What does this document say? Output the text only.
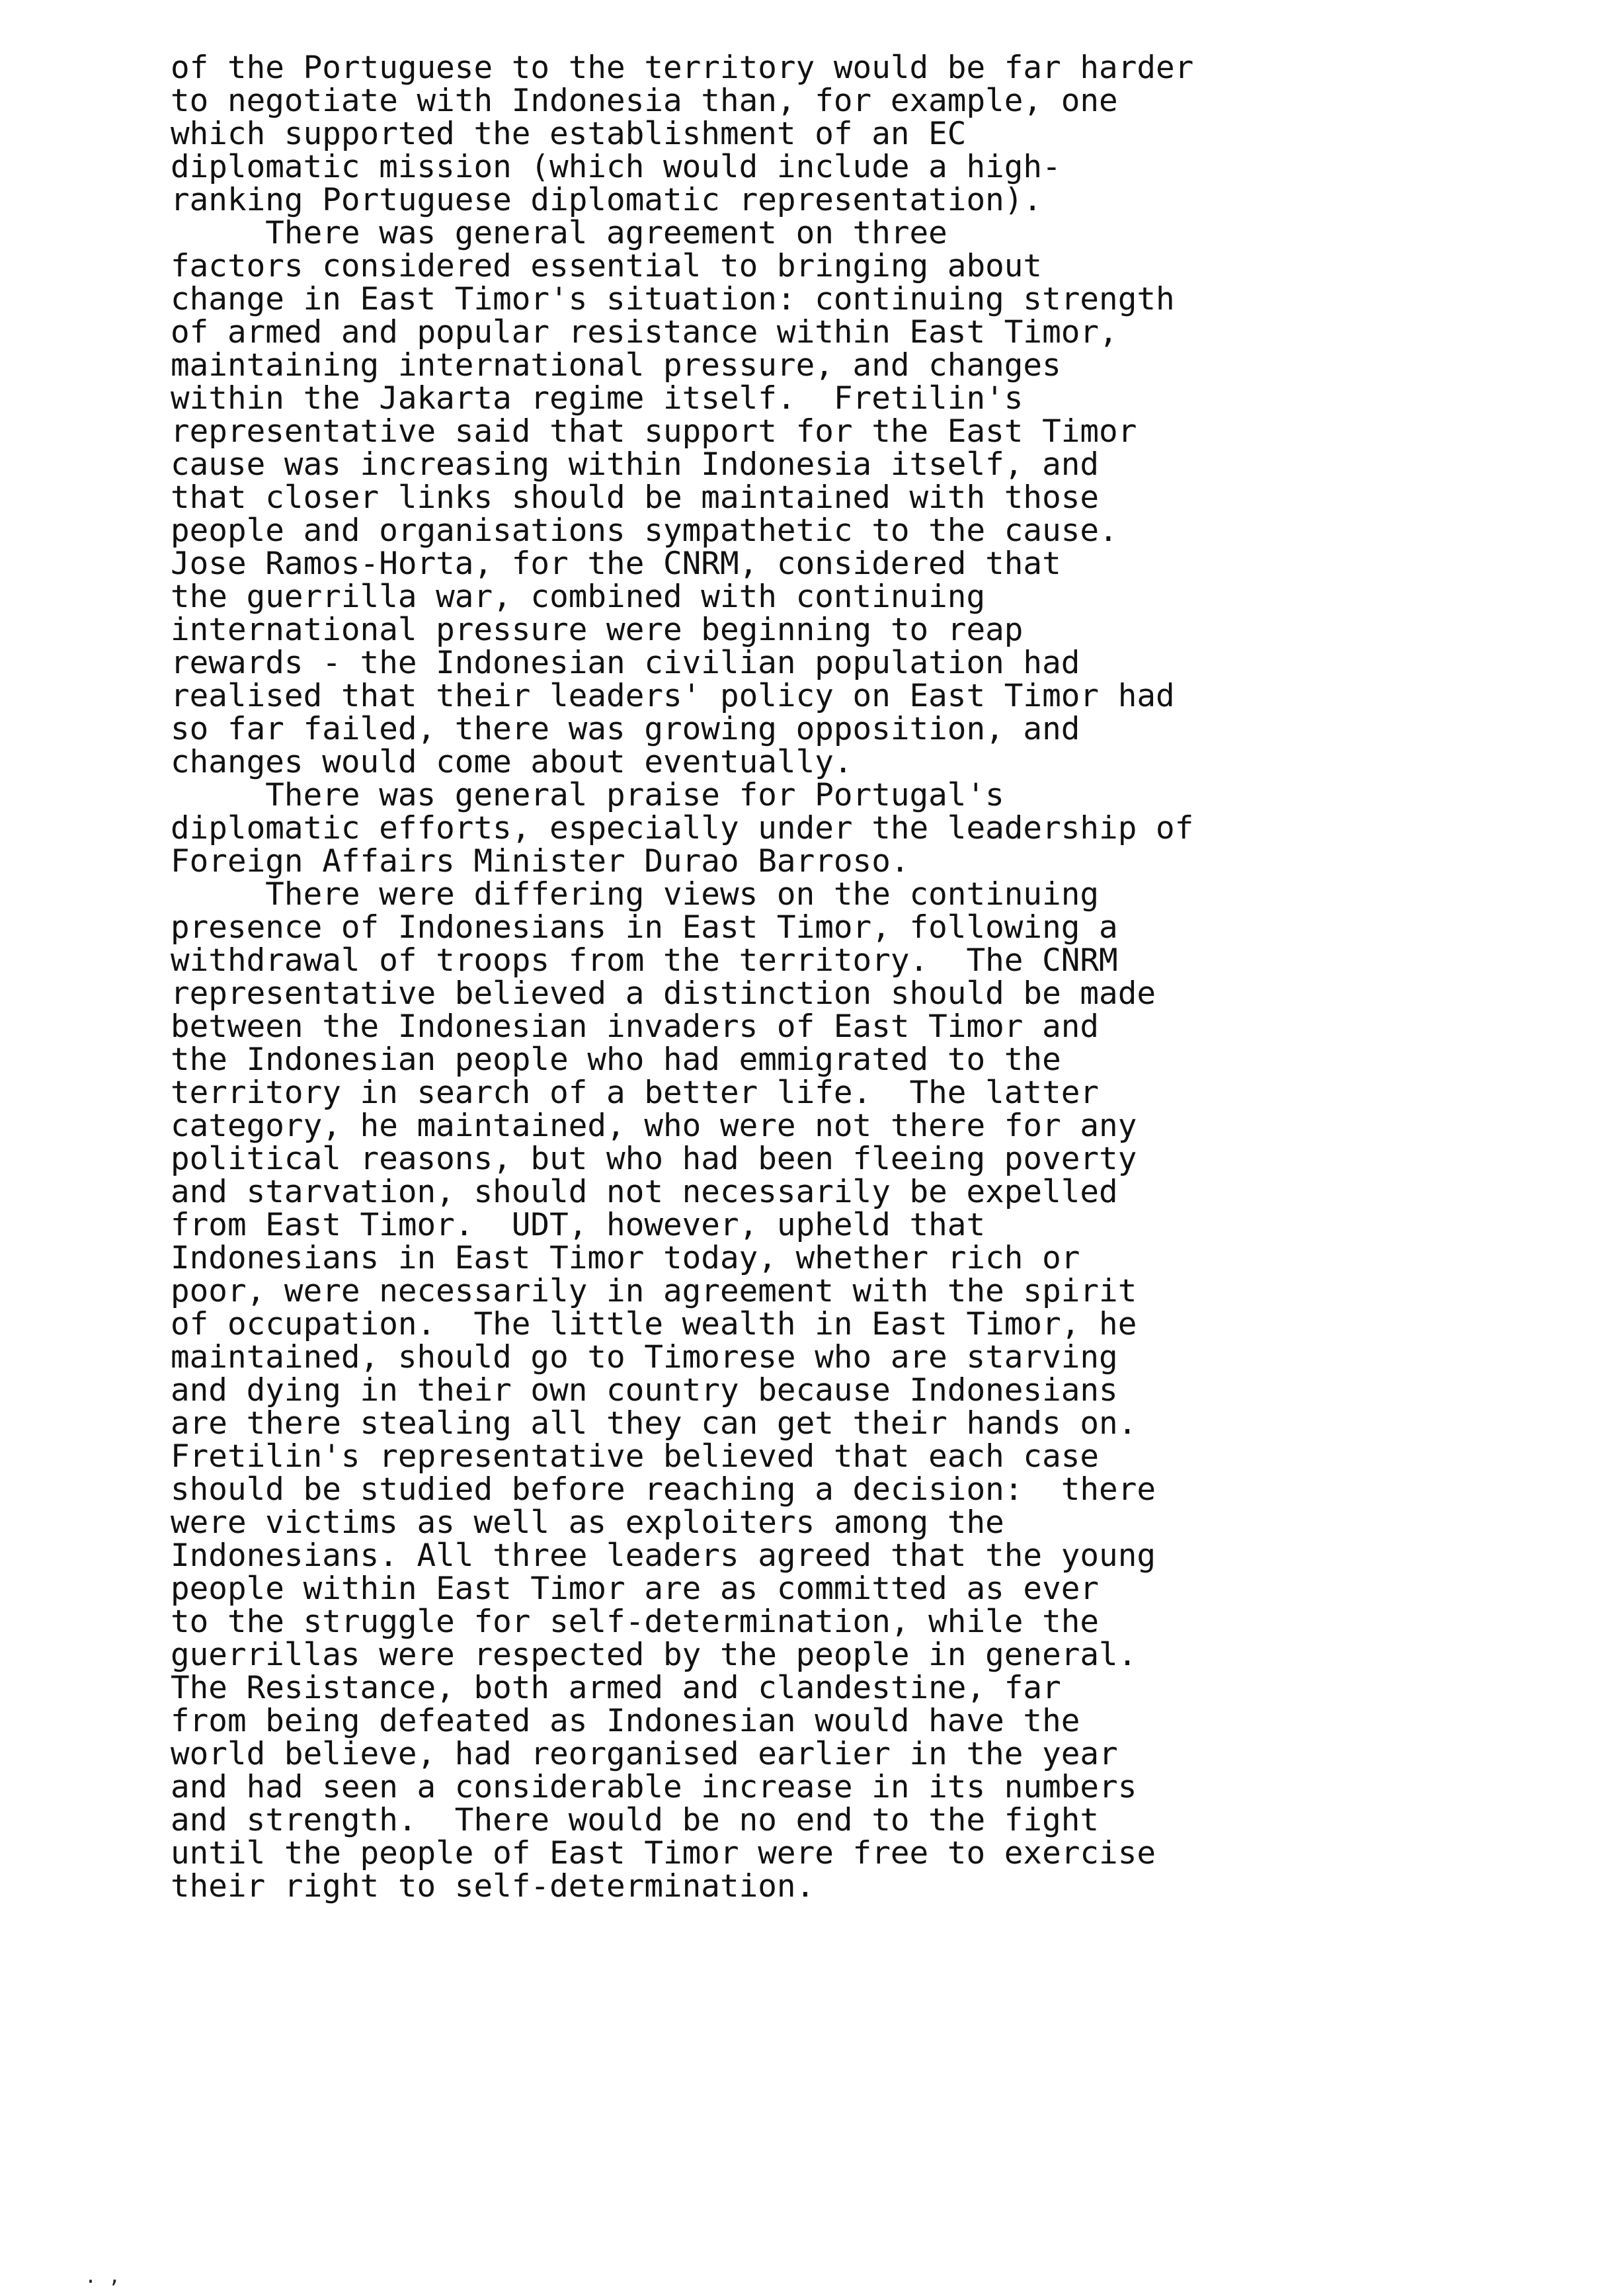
of the Portuguese to the territory would be far harder
to negotiate with Indonesia than, for example, one
which supported the establishment of an EC
diplomatic mission (which would include a high-
ranking Portuguese diplomatic representation).
There was general agreement on three
factors considered essential to bringing about
change in East Timor's situation: continuing strength
of armed and popular resistance within East Timor,
maintaining international pressure, and changes
within the Jakarta regime itself.  Fretilin's
representative said that support for the East Timor
cause was increasing within Indonesia itself, and
that closer links should be maintained with those
people and organisations sympathetic to the cause.
Jose Ramos-Horta, for the CNRM, considered that
the guerrilla war, combined with continuing
international pressure were beginning to reap
rewards - the Indonesian civilian population had
realised that their leaders' policy on East Timor had
so far failed, there was growing opposition, and
changes would come about eventually.
There was general praise for Portugal's
diplomatic efforts, especially under the leadership of
Foreign Affairs Minister Durao Barroso.
There were differing views on the continuing
presence of Indonesians in East Timor, following a
withdrawal of troops from the territory.  The CNRM
representative believed a distinction should be made
between the Indonesian invaders of East Timor and
the Indonesian people who had emmigrated to the
territory in search of a better life.  The latter
category, he maintained, who were not there for any
political reasons, but who had been fleeing poverty
and starvation, should not necessarily be expelled
from East Timor.  UDT, however, upheld that
Indonesians in East Timor today, whether rich or
poor, were necessarily in agreement with the spirit
of occupation.  The little wealth in East Timor, he
maintained, should go to Timorese who are starving
and dying in their own country because Indonesians
are there stealing all they can get their hands on.
Fretilin's representative believed that each case
should be studied before reaching a decision:  there
were victims as well as exploiters among the
Indonesians. All three leaders agreed that the young
people within East Timor are as committed as ever
to the struggle for self-determination, while the
guerrillas were respected by the people in general.
The Resistance, both armed and clandestine, far
from being defeated as Indonesian would have the
world believe, had reorganised earlier in the year
and had seen a considerable increase in its numbers
and strength.  There would be no end to the fight
until the people of East Timor were free to exercise
their right to self-determination.
. ,
